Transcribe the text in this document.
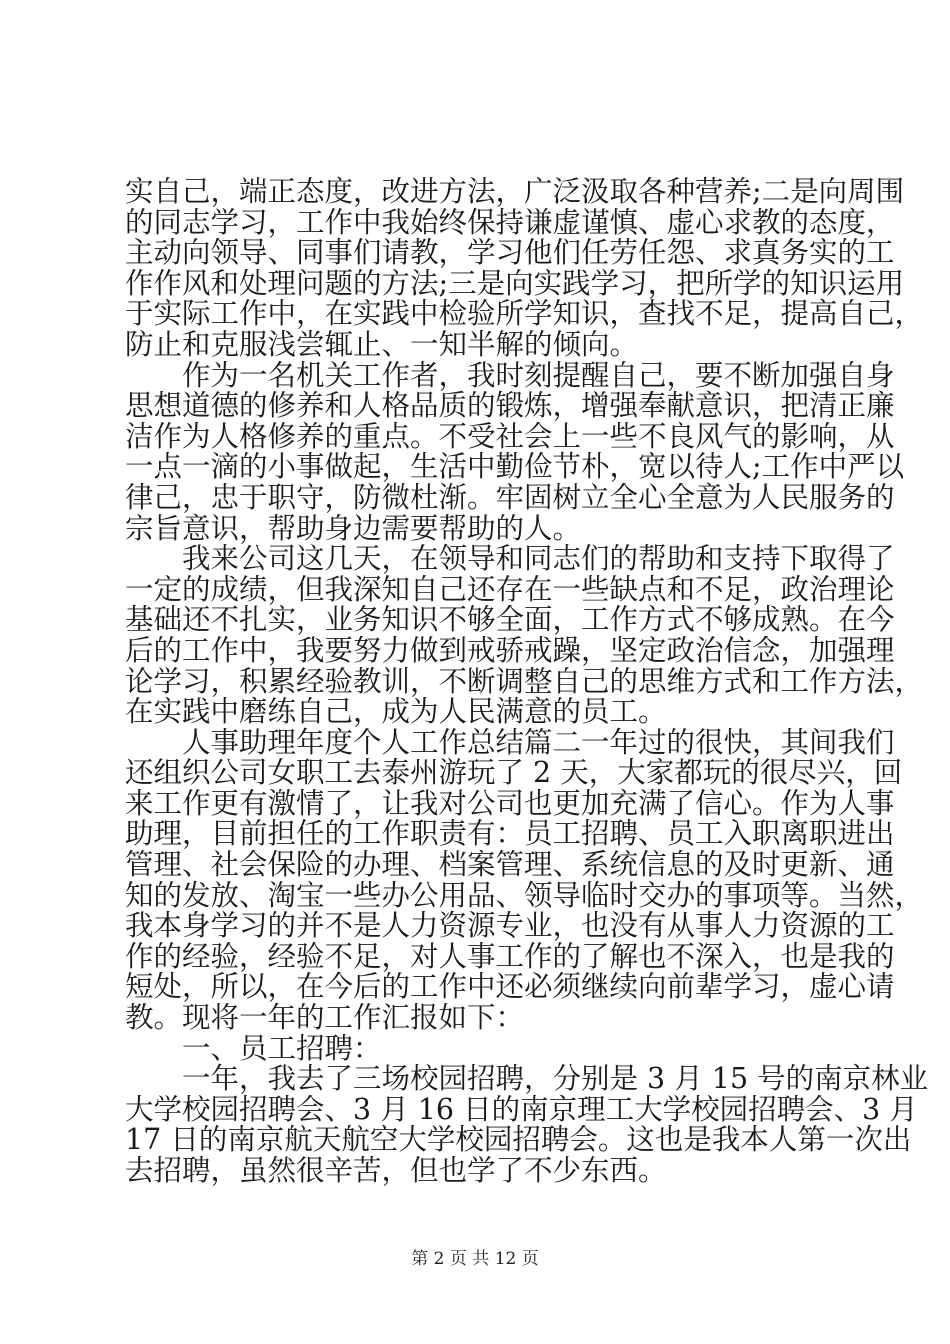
实自己，端正态度，改进方法，广泛汲取各种营养;二是向周围
的同志学习，工作中我始终保持谦虚谨慎、虚心求教的态度，
主动向领导、同事们请教，学习他们任劳任怨、求真务实的工
作作风和处理问题的方法;三是向实践学习，把所学的知识运用
于实际工作中，在实践中检验所学知识，查找不足，提高自己，
防止和克服浅尝辄止、一知半解的倾向。
　　作为一名机关工作者，我时刻提醒自己，要不断加强自身
思想道德的修养和人格品质的锻炼，增强奉献意识，把清正廉
洁作为人格修养的重点。不受社会上一些不良风气的影响，从
一点一滴的小事做起，生活中勤俭节朴，宽以待人;工作中严以
律己，忠于职守，防微杜渐。牢固树立全心全意为人民服务的
宗旨意识，帮助身边需要帮助的人。
　　我来公司这几天，在领导和同志们的帮助和支持下取得了
一定的成绩，但我深知自己还存在一些缺点和不足，政治理论
基础还不扎实，业务知识不够全面，工作方式不够成熟。在今
后的工作中，我要努力做到戒骄戒躁，坚定政治信念，加强理
论学习，积累经验教训，不断调整自己的思维方式和工作方法，
在实践中磨练自己，成为人民满意的员工。
　　人事助理年度个人工作总结篇二一年过的很快，其间我们
还组织公司女职工去泰州游玩了 2 天，大家都玩的很尽兴，回
来工作更有激情了，让我对公司也更加充满了信心。作为人事
助理，目前担任的工作职责有：员工招聘、员工入职离职进出
管理、社会保险的办理、档案管理、系统信息的及时更新、通
知的发放、淘宝一些办公用品、领导临时交办的事项等。当然，
我本身学习的并不是人力资源专业，也没有从事人力资源的工
作的经验，经验不足，对人事工作的了解也不深入，也是我的
短处，所以，在今后的工作中还必须继续向前辈学习，虚心请
教。现将一年的工作汇报如下：
　　一、员工招聘：
　　一年，我去了三场校园招聘，分别是 3 月 15 号的南京林业
大学校园招聘会、3 月 16 日的南京理工大学校园招聘会、3 月
17 日的南京航天航空大学校园招聘会。这也是我本人第一次出
去招聘，虽然很辛苦，但也学了不少东西。
第 2 页 共 12 页
